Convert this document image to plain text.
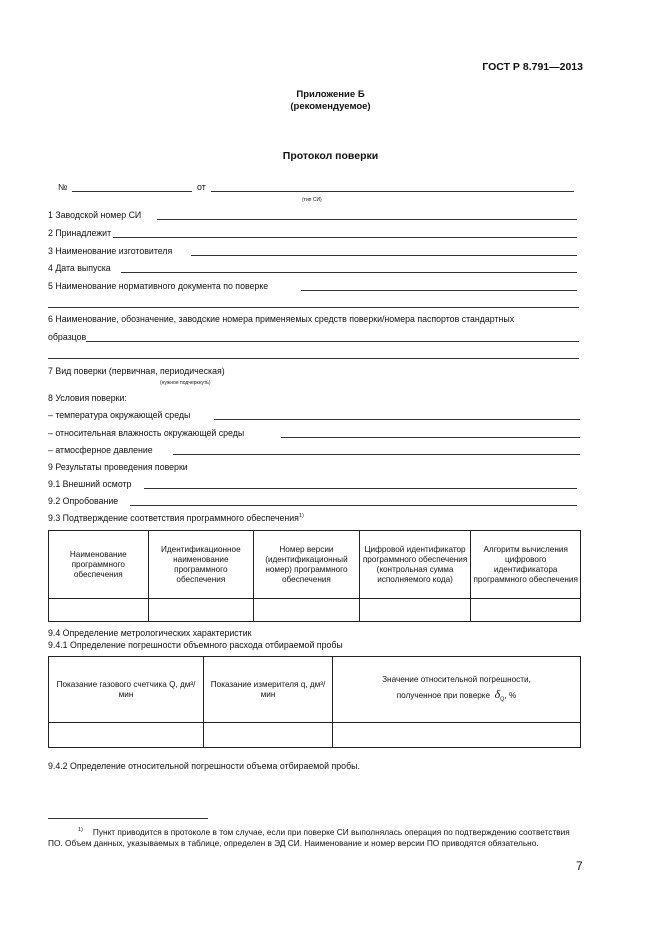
ГОСТ Р 8.791—2013
Приложение Б
(рекомендуемое)
Протокол поверки
№	от
(тип СИ)
1 Заводской номер СИ
2 Принадлежит
3 Наименование изготовителя
4 Дата выпуска
5 Наименование нормативного документа по поверке
6 Наименование, обозначение, заводские номера применяемых средств поверки/номера паспортов стандартных
образцов
7 Вид поверки (первичная, периодическая)
(нужное подчеркнуть)
8 Условия поверки:
– температура окружающей среды
– относительная влажность окружающей среды
– атмосферное давление
9 Результаты проведения поверки
9.1 Внешний осмотр
9.2 Опробование
9.3 Подтверждение соответствия программного обеспечения$^{1)}$
Наименование программного обеспечения	Идентификационное наименование программного обеспечения	Номер версии (идентификационный номер) программного обеспечения	Цифровой идентификатор программного обеспечения (контрольная сумма исполняемого кода)	Алгоритм вычисления цифрового идентификатора программного обеспечения

9.4 Определение метрологических характеристик
9.4.1 Определение погрешности объемного расхода отбираемой пробы
Показание газового счетчика Q, дм³/мин	Показание измерителя q, дм³/мин	Значение относительной погрешности,
полученное при поверке $\delta_Q$, %

9.4.2 Определение относительной погрешности объема отбираемой пробы.
$^{1)}$ Пункт приводится в протоколе в том случае, если при поверке СИ выполнялась операция по подтверждению соответствия ПО. Объем данных, указываемых в таблице, определен в ЭД СИ. Наименование и номер версии ПО приводятся обязательно.
7
